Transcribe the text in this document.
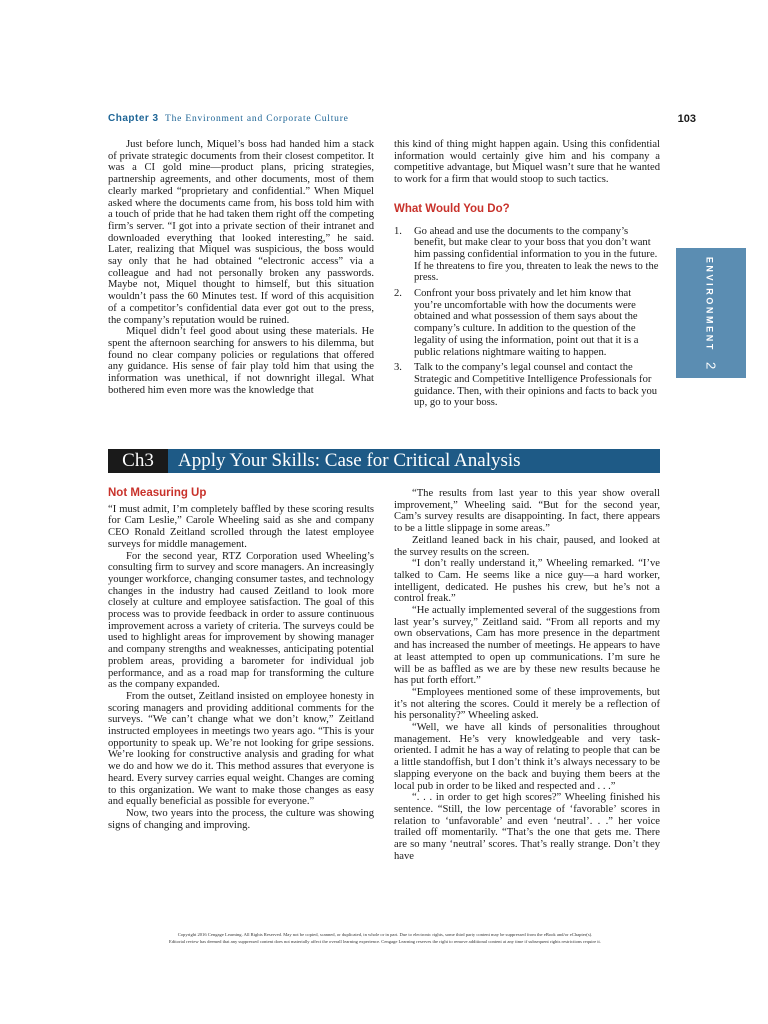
Chapter 3 The Environment and Corporate Culture	103
ENVIRONMENT2

Just before lunch, Miquel’s boss had handed him a stack of private strategic documents from their closest competitor. It was a CI gold mine—product plans, pricing strategies, partnership agreements, and other documents, most of them clearly marked “proprietary and confidential.” When Miquel asked where the documents came from, his boss told him with a touch of pride that he had taken them right off the competing firm’s server. “I got into a private section of their intranet and downloaded everything that looked interesting,” he said. Later, realizing that Miquel was suspicious, the boss would say only that he had obtained “electronic access” via a colleague and had not personally broken any passwords. Maybe not, Miquel thought to himself, but this situation wouldn’t pass the 60 Minutes test. If word of this acquisition of a competitor’s confidential data ever got out to the press, the company’s reputation would be ruined.

Miquel didn’t feel good about using these materials. He spent the afternoon searching for answers to his dilemma, but found no clear company policies or regulations that offered any guidance. His sense of fair play told him that using the information was unethical, if not downright illegal. What bothered him even more was the knowledge that

this kind of thing might happen again. Using this confidential information would certainly give him and his company a competitive advantage, but Miquel wasn’t sure that he wanted to work for a firm that would stoop to such tactics.

What Would You Do?
1. Go ahead and use the documents to the company’s benefit, but make clear to your boss that you don’t want him passing confidential information to you in the future. If he threatens to fire you, threaten to leak the news to the press.
2. Confront your boss privately and let him know that you’re uncomfortable with how the documents were obtained and what possession of them says about the company’s culture. In addition to the question of the legality of using the information, point out that it is a public relations nightmare waiting to happen.
3. Talk to the company’s legal counsel and contact the Strategic and Competitive Intelligence Professionals for guidance. Then, with their opinions and facts to back you up, go to your boss.
Ch3	Apply Your Skills: Case for Critical Analysis
Not Measuring Up

“I must admit, I’m completely baffled by these scoring results for Cam Leslie,” Carole Wheeling said as she and company CEO Ronald Zeitland scrolled through the latest employee surveys for middle management.

For the second year, RTZ Corporation used Wheeling’s consulting firm to survey and score managers. An increasingly younger workforce, changing consumer tastes, and technology changes in the industry had caused Zeitland to look more closely at culture and employee satisfaction. The goal of this process was to provide feedback in order to assure continuous improvement across a variety of criteria. The surveys could be used to highlight areas for improvement by showing manager and company strengths and weaknesses, anticipating potential problem areas, providing a barometer for individual job performance, and as a road map for transforming the culture as the company expanded.

From the outset, Zeitland insisted on employee honesty in scoring managers and providing additional comments for the surveys. “We can’t change what we don’t know,” Zeitland instructed employees in meetings two years ago. “This is your opportunity to speak up. We’re not looking for gripe sessions. We’re looking for constructive analysis and grading for what we do and how we do it. This method assures that everyone is heard. Every survey carries equal weight. Changes are coming to this organization. We want to make those changes as easy and equally beneficial as possible for everyone.”

Now, two years into the process, the culture was showing signs of changing and improving.

“The results from last year to this year show overall improvement,” Wheeling said. “But for the second year, Cam’s survey results are disappointing. In fact, there appears to be a little slippage in some areas.”

Zeitland leaned back in his chair, paused, and looked at the survey results on the screen.

“I don’t really understand it,” Wheeling remarked. “I’ve talked to Cam. He seems like a nice guy—a hard worker, intelligent, dedicated. He pushes his crew, but he’s not a control freak.”

“He actually implemented several of the suggestions from last year’s survey,” Zeitland said. “From all reports and my own observations, Cam has more presence in the department and has increased the number of meetings. He appears to have at least attempted to open up communications. I’m sure he will be as baffled as we are by these new results because he has put forth effort.”

“Employees mentioned some of these improvements, but it’s not altering the scores. Could it merely be a reflection of his personality?” Wheeling asked.

“Well, we have all kinds of personalities throughout management. He’s very knowledgeable and very task-oriented. I admit he has a way of relating to people that can be a little standoffish, but I don’t think it’s always necessary to be slapping everyone on the back and buying them beers at the local pub in order to be liked and respected and . . .”

“. . . in order to get high scores?” Wheeling finished his sentence. “Still, the low percentage of ‘favorable’ scores in relation to ‘unfavorable’ and even ‘neutral’. . .” her voice trailed off momentarily. “That’s the one that gets me. There are so many ‘neutral’ scores. That’s really strange. Don’t they have

Copyright 2016 Cengage Learning. All Rights Reserved. May not be copied, scanned, or duplicated, in whole or in part. Due to electronic rights, some third party content may be suppressed from the eBook and/or eChapter(s).
Editorial review has deemed that any suppressed content does not materially affect the overall learning experience. Cengage Learning reserves the right to remove additional content at any time if subsequent rights restrictions require it.
